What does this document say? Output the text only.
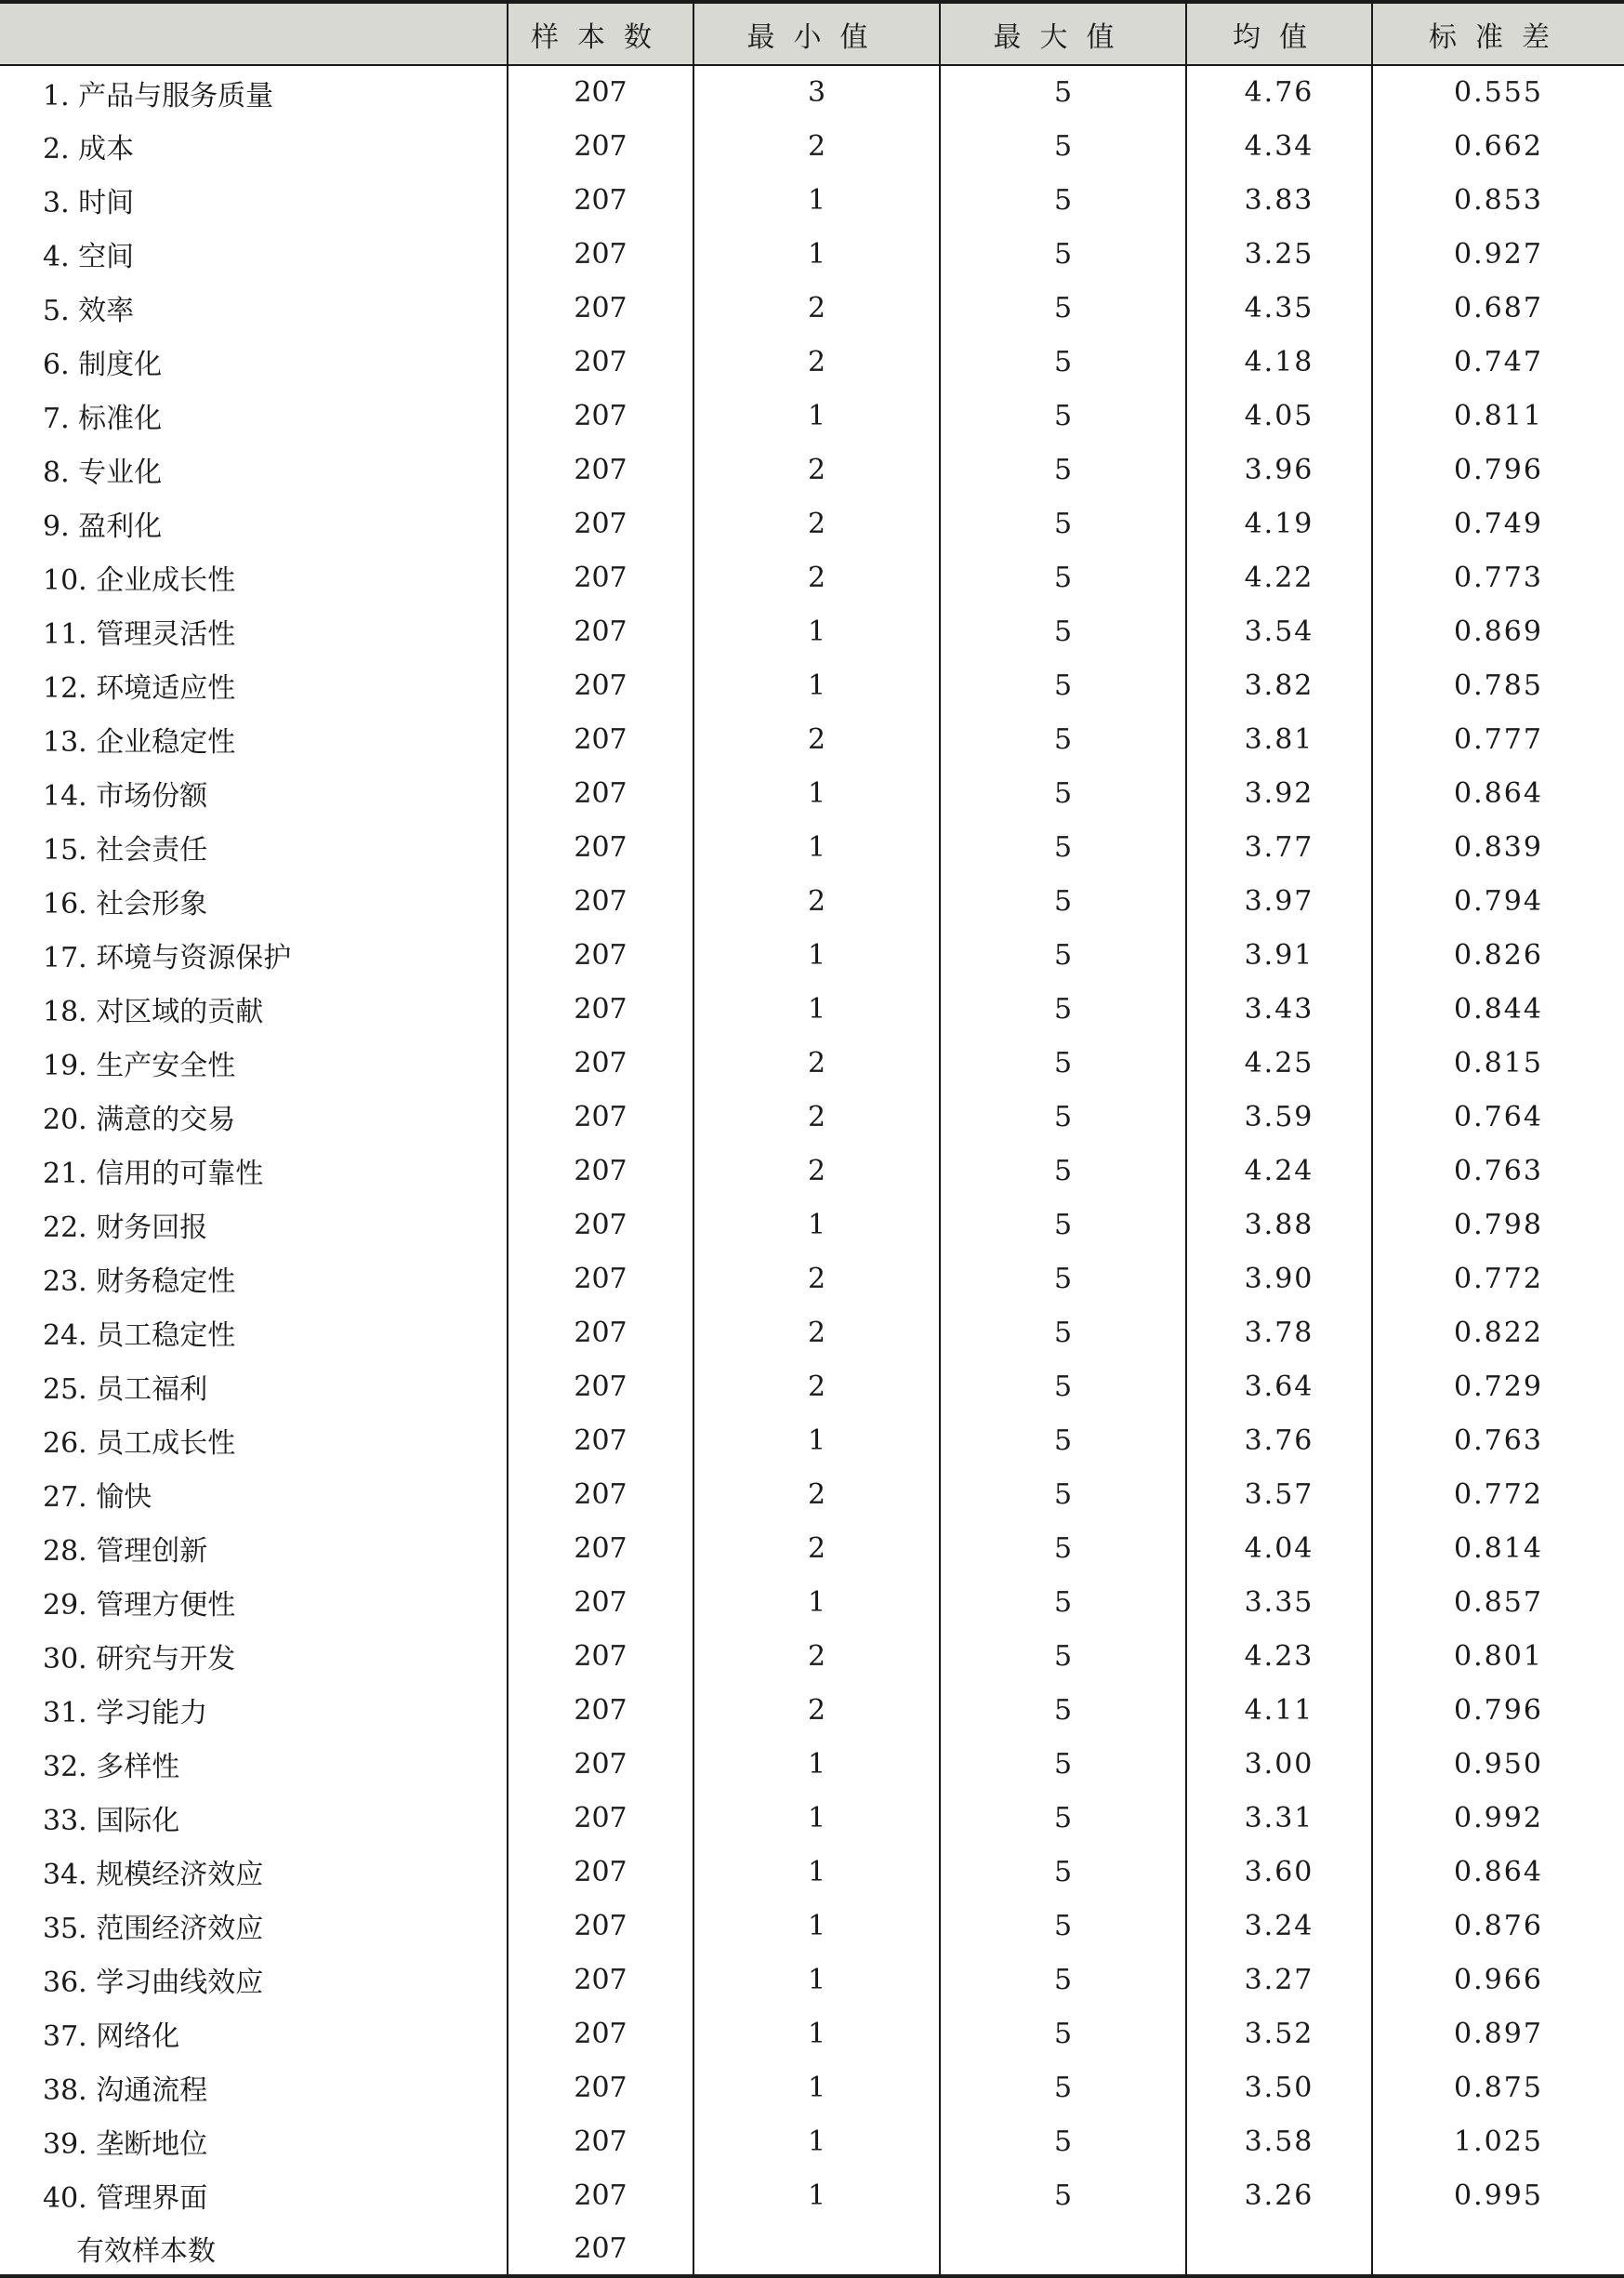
	样本数	最小值	最大值	均值	标准差
1. 产品与服务质量	207	3	5	4.76	0.555
2. 成本	207	2	5	4.34	0.662
3. 时间	207	1	5	3.83	0.853
4. 空间	207	1	5	3.25	0.927
5. 效率	207	2	5	4.35	0.687
6. 制度化	207	2	5	4.18	0.747
7. 标准化	207	1	5	4.05	0.811
8. 专业化	207	2	5	3.96	0.796
9. 盈利化	207	2	5	4.19	0.749
10. 企业成长性	207	2	5	4.22	0.773
11. 管理灵活性	207	1	5	3.54	0.869
12. 环境适应性	207	1	5	3.82	0.785
13. 企业稳定性	207	2	5	3.81	0.777
14. 市场份额	207	1	5	3.92	0.864
15. 社会责任	207	1	5	3.77	0.839
16. 社会形象	207	2	5	3.97	0.794
17. 环境与资源保护	207	1	5	3.91	0.826
18. 对区域的贡献	207	1	5	3.43	0.844
19. 生产安全性	207	2	5	4.25	0.815
20. 满意的交易	207	2	5	3.59	0.764
21. 信用的可靠性	207	2	5	4.24	0.763
22. 财务回报	207	1	5	3.88	0.798
23. 财务稳定性	207	2	5	3.90	0.772
24. 员工稳定性	207	2	5	3.78	0.822
25. 员工福利	207	2	5	3.64	0.729
26. 员工成长性	207	1	5	3.76	0.763
27. 愉快	207	2	5	3.57	0.772
28. 管理创新	207	2	5	4.04	0.814
29. 管理方便性	207	1	5	3.35	0.857
30. 研究与开发	207	2	5	4.23	0.801
31. 学习能力	207	2	5	4.11	0.796
32. 多样性	207	1	5	3.00	0.950
33. 国际化	207	1	5	3.31	0.992
34. 规模经济效应	207	1	5	3.60	0.864
35. 范围经济效应	207	1	5	3.24	0.876
36. 学习曲线效应	207	1	5	3.27	0.966
37. 网络化	207	1	5	3.52	0.897
38. 沟通流程	207	1	5	3.50	0.875
39. 垄断地位	207	1	5	3.58	1.025
40. 管理界面	207	1	5	3.26	0.995
有效样本数	207				
